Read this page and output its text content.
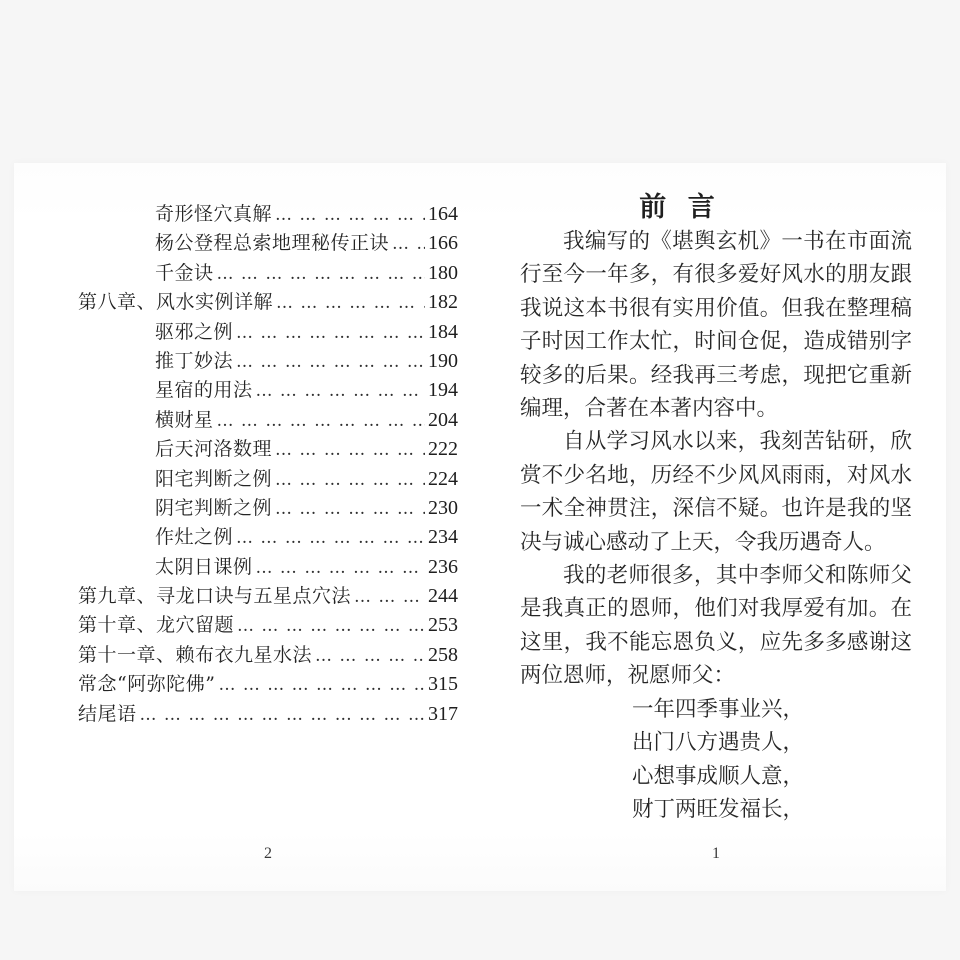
奇形怪穴真解 … … … … … … … … … … … … … … … … … … … … … … … …	164
杨公登程总索地理秘传正诀 … … … … … … … … … … … … … … … … … … … … … … … … 166
千金诀 … … … … … … … … … … … … … … … … … … … … … … … …	180
第八章、风水实例详解 … … … … … … … … … … … … … … … … … … … … … … … …	182
驱邪之例 … … … … … … … … … … … … … … … … … … … … … … … …	184
推丁妙法 … … … … … … … … … … … … … … … … … … … … … … … …	190
星宿的用法 … … … … … … … … … … … … … … … … … … … … … … … …	194
横财星 … … … … … … … … … … … … … … … … … … … … … … … …	204
后天河洛数理 … … … … … … … … … … … … … … … … … … … … … … … …	222
阳宅判断之例 … … … … … … … … … … … … … … … … … … … … … … … …	224
阴宅判断之例 … … … … … … … … … … … … … … … … … … … … … … … …	230
作灶之例 … … … … … … … … … … … … … … … … … … … … … … … …	234
太阴日课例 … … … … … … … … … … … … … … … … … … … … … … … …	236
第九章、寻龙口诀与五星点穴法 … … … … … … … … … … … … … … … … … … … … … … … …	244
第十章、龙穴留题 … … … … … … … … … … … … … … … … … … … … … … … …	253
第十一章、赖布衣九星水法 … … … … … … … … … … … … … … … … … … … … … … … …	258
常念“阿弥陀佛” … … … … … … … … … … … … … … … … … … … … … … … …	315
结尾语 … … … … … … … … … … … … … … … … … … … … … … … …	317
2
前 言

我编写的《堪舆玄机》一书在市面流行至今一年多，有很多爱好风水的朋友跟我说这本书很有实用价值。但我在整理稿子时因工作太忙，时间仓促，造成错别字较多的后果。经我再三考虑，现把它重新编理，合著在本著内容中。

自从学习风水以来，我刻苦钻研，欣赏不少名地，历经不少风风雨雨，对风水一术全神贯注，深信不疑。也许是我的坚决与诚心感动了上天，令我历遇奇人。

我的老师很多，其中李师父和陈师父是我真正的恩师，他们对我厚爱有加。在这里，我不能忘恩负义，应先多多感谢这两位恩师，祝愿师父：

一年四季事业兴，
出门八方遇贵人，
心想事成顺人意，
财丁两旺发福长，
1
